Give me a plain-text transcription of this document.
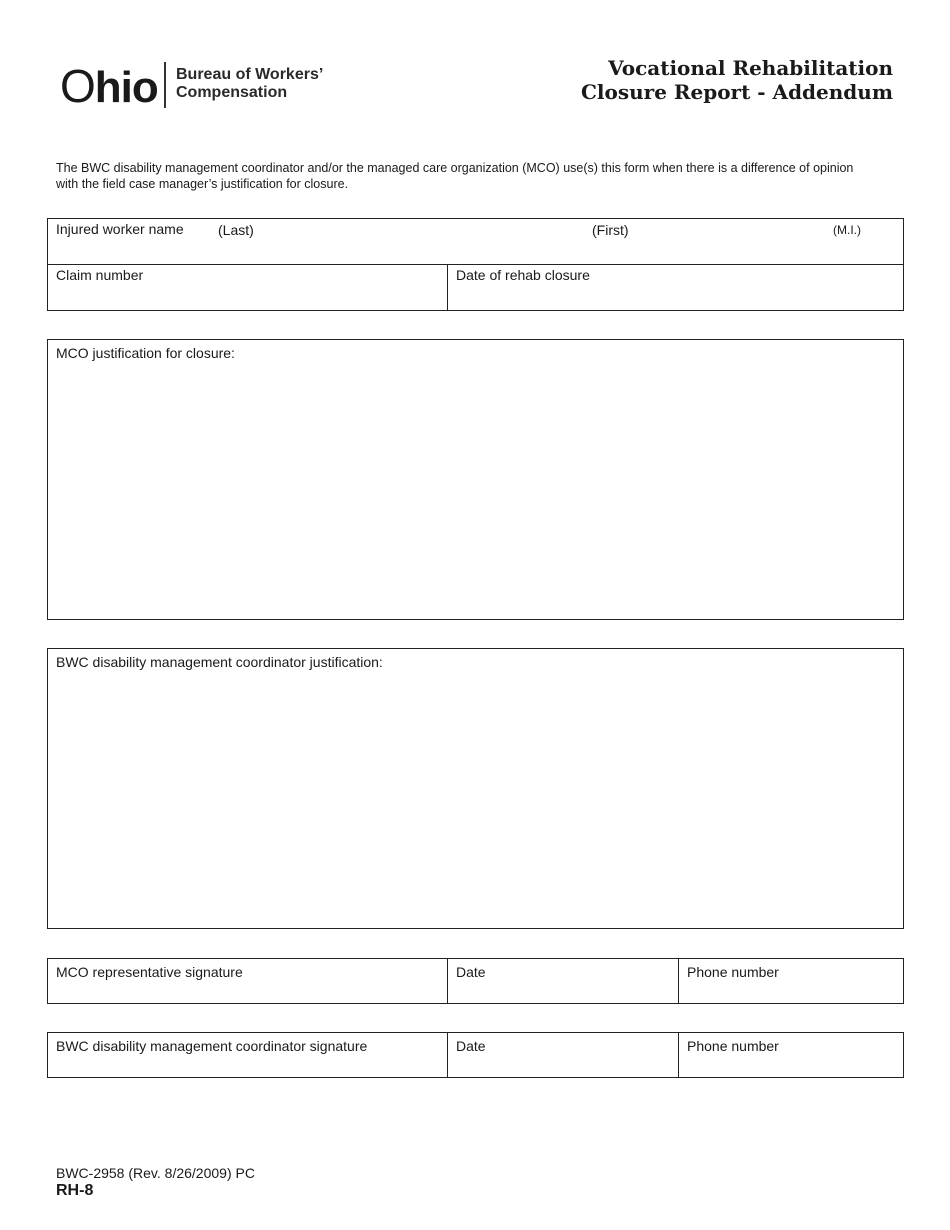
Ohio Bureau of Workers’
Compensation
Vocational Rehabilitation
Closure Report - Addendum
The BWC disability management coordinator and/or the managed care organization (MCO) use(s) this form when there is a difference of opinion with the field case manager’s justification for closure.
Injured worker name (Last)	(First)	(M.I.)
Claim number	Date of rehab closure
MCO justification for closure:
BWC disability management coordinator justification:
MCO representative signature	Date	Phone number
BWC disability management coordinator signature	Date	Phone number
BWC-2958 (Rev. 8/26/2009) PC
RH-8
